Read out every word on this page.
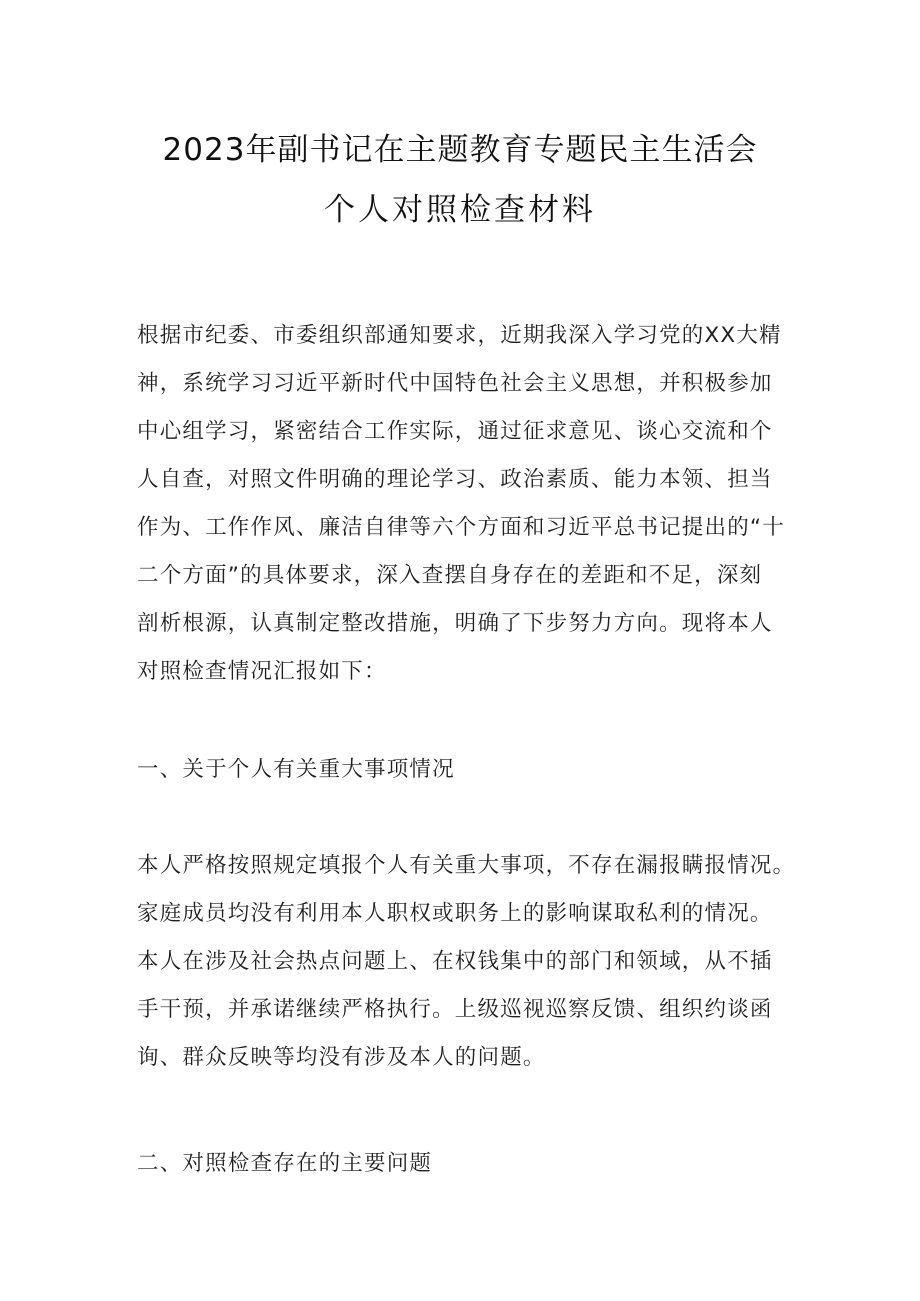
2023年副书记在主题教育专题民主生活会
个人对照检查材料
根据市纪委、市委组织部通知要求，近期我深入学习党的XX大精
神，系统学习习近平新时代中国特色社会主义思想，并积极参加
中心组学习，紧密结合工作实际，通过征求意见、谈心交流和个
人自查，对照文件明确的理论学习、政治素质、能力本领、担当
作为、工作作风、廉洁自律等六个方面和习近平总书记提出的“十
二个方面”的具体要求，深入查摆自身存在的差距和不足，深刻
剖析根源，认真制定整改措施，明确了下步努力方向。现将本人
对照检查情况汇报如下：
一、关于个人有关重大事项情况
本人严格按照规定填报个人有关重大事项，不存在漏报瞒报情况。
家庭成员均没有利用本人职权或职务上的影响谋取私利的情况。
本人在涉及社会热点问题上、在权钱集中的部门和领域，从不插
手干预，并承诺继续严格执行。上级巡视巡察反馈、组织约谈函
询、群众反映等均没有涉及本人的问题。
二、对照检查存在的主要问题
